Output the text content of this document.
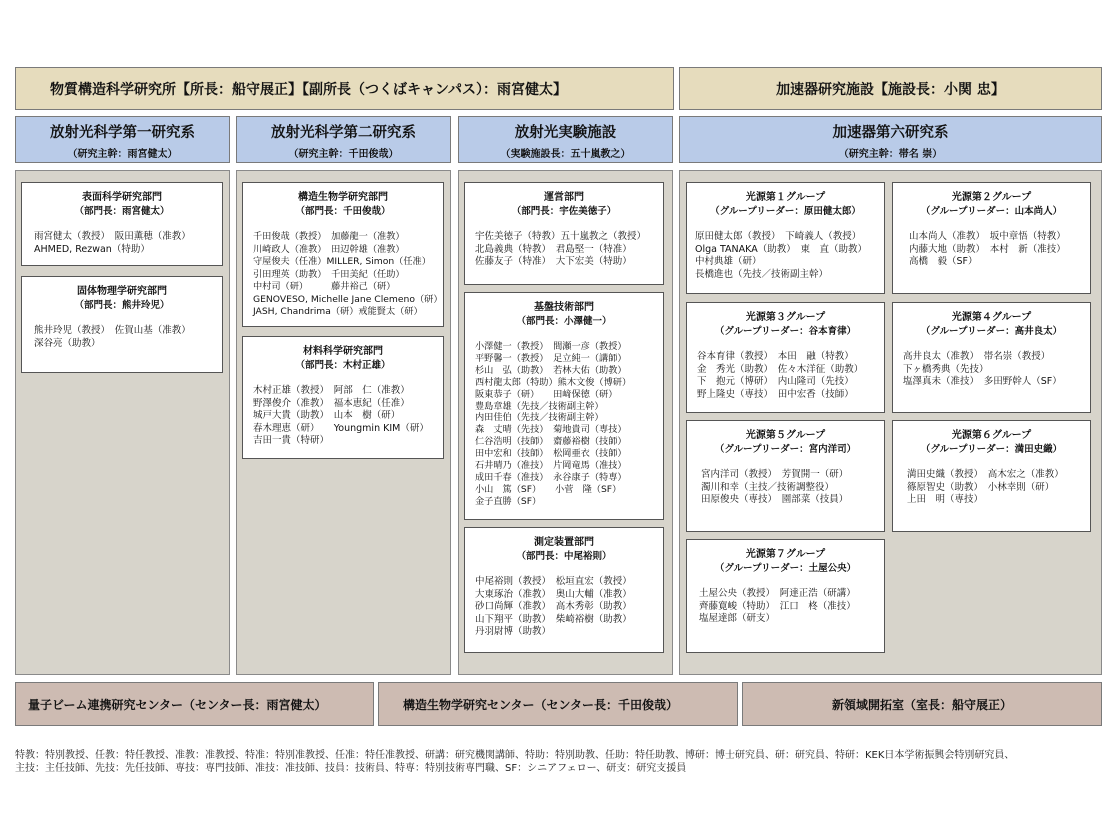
物質構造科学研究所【所長：船守展正】【副所長（つくばキャンパス）：雨宮健太】	加速器研究施設【施設長：小関 忠】
放射光科学第一研究系
（研究主幹：雨宮健太）
放射光科学第二研究系
（研究主幹：千田俊哉）
放射光実験施設
（実験施設長：五十嵐教之）
加速器第六研究系
（研究主幹：帯名 崇）
表面科学研究部門
（部門長：雨宮健太）
雨宮健太（教授）　阪田薫穂（准教）
AHMED, Rezwan（特助）
固体物理学研究部門
（部門長：熊井玲児）
熊井玲児（教授）　佐賀山基（准教）
深谷亮（助教）
構造生物学研究部門
（部門長：千田俊哉）
千田俊哉（教授）　加藤龍一（准教）
川崎政人（准教）　田辺幹雄（准教）
守屋俊夫（任准）MILLER, Simon（任准）
引田理英（助教）　千田美紀（任助）
中村司（研）　　　藤井裕己（研）
GENOVESO, Michelle Jane Clemeno（研）
JASH, Chandrima（研）戒能賢太（研）
材料科学研究部門
（部門長：木村正雄）
木村正雄（教授）　阿部　仁（准教）
野澤俊介（准教）　福本恵紀（任准）
城戸大貴（助教）　山本　樹（研）
春木理恵（研）　　Youngmin KIM（研）
吉田一貴（特研）
運営部門
（部門長：宇佐美徳子）
宇佐美徳子（特教）五十嵐教之（教授）
北島義典（特教）　君島堅一（特准）
佐藤友子（特准）　大下宏美（特助）
基盤技術部門
（部門長：小澤健一）
小澤健一（教授）　間瀬一彦（教授）
平野馨一（教授）　足立純一（講師）
杉山　弘（助教）　若林大佑（助教）
西村龍太郎（特助）熊木文俊（博研）
阪東恭子（研）　　田﨑保徳（研）
豊島章雄（先技／技術副主幹）
内田佳伯（先技／技術副主幹）
森　丈晴（先技）　菊地貴司（専技）
仁谷浩明（技師）　齋藤裕樹（技師）
田中宏和（技師）　松岡亜衣（技師）
石井晴乃（准技）　片岡竜馬（准技）
成田千春（准技）　永谷康子（特専）
小山　篤（SF）　　小菅　隆（SF）
金子直勝（SF）
測定装置部門
（部門長：中尾裕則）
中尾裕則（教授）　松垣直宏（教授）
大東琢治（准教）　奥山大輔（准教）
砂口尚輝（准教）　高木秀彰（助教）
山下翔平（助教）　柴崎裕樹（助教）
丹羽尉博（助教）
光源第１グループ
（グループリーダー：原田健太郎）
原田健太郎（教授）　下崎義人（教授）
Olga TANAKA（助教）　東　直（助教）
中村典雄（研）
長橋進也（先技／技術副主幹）
光源第２グループ
（グループリーダー：山本尚人）
山本尚人（准教）　坂中章悟（特教）
内藤大地（助教）　本村　新（准技）
高橋　毅（SF）
光源第３グループ
（グループリーダー：谷本育律）
谷本育律（教授）　本田　融（特教）
金　秀光（助教）　佐々木洋征（助教）
下　抱元（博研）　内山隆司（先技）
野上隆史（専技）　田中宏香（技師）
光源第４グループ
（グループリーダー：高井良太）
高井良太（准教）　帯名崇（教授）
下ヶ橋秀典（先技）
塩澤真未（准技）　多田野幹人（SF）
光源第５グループ
（グループリーダー：宮内洋司）
宮内洋司（教授）　芳賀開一（研）
濁川和幸（主技／技術調整役）
田原俊央（専技）　園部菜（技員）
光源第６グループ
（グループリーダー：満田史織）
満田史織（教授）　高木宏之（准教）
篠原智史（助教）　小林幸則（研）
上田　明（専技）
光源第７グループ
（グループリーダー：土屋公央）
土屋公央（教授）　阿達正浩（研講）
齊藤寛峻（特助）　江口　柊（准技）
塩屋達郎（研支）
量子ビーム連携研究センター（センター長：雨宮健太）	構造生物学研究センター（センター長：千田俊哉）	新領域開拓室（室長：船守展正）
特教：特別教授、任教：特任教授、准教：准教授、特准：特別准教授、任准：特任准教授、研講：研究機関講師、特助：特別助教、任助：特任助教、博研：博士研究員、研：研究員、特研：KEK日本学術振興会特別研究員、
主技：主任技師、先技：先任技師、専技：専門技師、准技：准技師、技員：技術員、特専：特別技術専門職、SF：シニアフェロー、研支：研究支援員
